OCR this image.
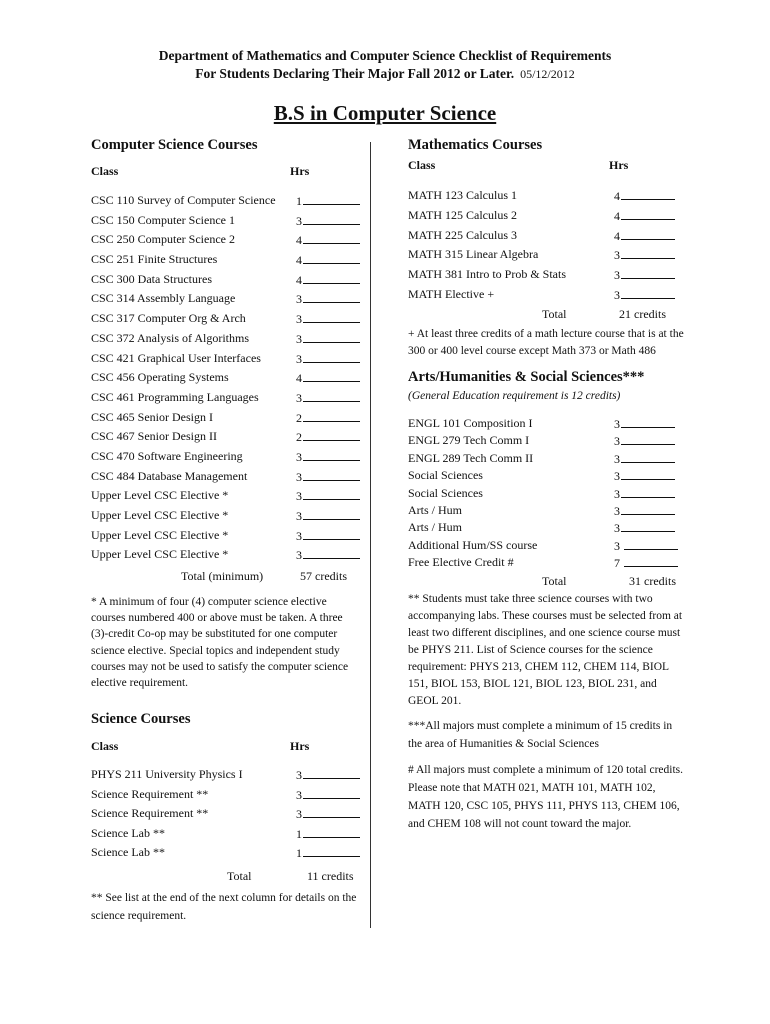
Department of Mathematics and Computer Science Checklist of Requirements
For Students Declaring Their Major Fall 2012 or Later. 05/12/2012
B.S in Computer Science
Computer Science Courses
Class	Hrs
CSC 110 Survey of Computer Science 1
CSC 150 Computer Science 1	3
CSC 250 Computer Science 2	4
CSC 251 Finite Structures	4
CSC 300 Data Structures	4
CSC 314 Assembly Language	3
CSC 317 Computer Org & Arch	3
CSC 372 Analysis of Algorithms	3
CSC 421 Graphical User Interfaces	3
CSC 456 Operating Systems	4
CSC 461 Programming Languages	3
CSC 465 Senior Design I	2
CSC 467 Senior Design II	2
CSC 470 Software Engineering	3
CSC 484 Database Management	3
Upper Level CSC Elective *	3
Upper Level CSC Elective *	3
Upper Level CSC Elective *	3
Upper Level CSC Elective *	3
Total (minimum)	57 credits
* A minimum of four (4) computer science elective courses numbered 400 or above must be taken. A three (3)-credit Co-op may be substituted for one computer science elective. Special topics and independent study courses may not be used to satisfy the computer science elective requirement.
Science Courses
Class	Hrs
PHYS 211 University Physics I	3
Science Requirement **	3
Science Requirement **	3
Science Lab **	1
Science Lab **	1
Total	11 credits
** See list at the end of the next column for details on the science requirement.
Mathematics Courses
Class	Hrs
MATH 123 Calculus 1	4
MATH 125 Calculus 2	4
MATH 225 Calculus 3	4
MATH 315 Linear Algebra	3
MATH 381 Intro to Prob & Stats	3
MATH Elective +	3
Total	21 credits
+ At least three credits of a math lecture course that is at the 300 or 400 level course except Math 373 or Math 486
Arts/Humanities & Social Sciences***
(General Education requirement is 12 credits)
ENGL 101 Composition I	3
ENGL 279 Tech Comm I	3
ENGL 289 Tech Comm II	3
Social Sciences	3
Social Sciences	3
Arts / Hum	3
Arts / Hum	3
Additional Hum/SS course	3
Free Elective Credit #	7
Total	31 credits
** Students must take three science courses with two accompanying labs. These courses must be selected from at least two different disciplines, and one science course must be PHYS 211. List of Science courses for the science requirement: PHYS 213, CHEM 112, CHEM 114, BIOL 151, BIOL 153, BIOL 121, BIOL 123, BIOL 231, and GEOL 201.
***All majors must complete a minimum of 15 credits in the area of Humanities & Social Sciences
# All majors must complete a minimum of 120 total credits. Please note that MATH 021, MATH 101, MATH 102, MATH 120, CSC 105, PHYS 111, PHYS 113, CHEM 106, and CHEM 108 will not count toward the major.
